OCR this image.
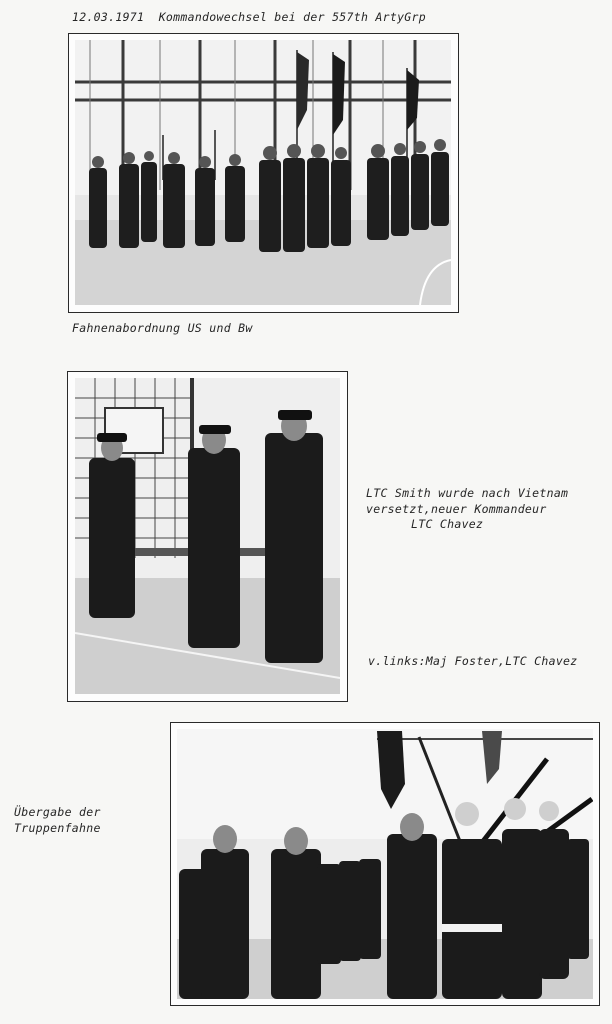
12.03.1971 Kommandowechsel bei der 557th ArtyGrp
Fahnenabordnung US und Bw
LTC Smith wurde nach Vietnam
versetzt,neuer Kommandeur
LTC Chavez
v.links:Maj Foster,LTC Chavez
Übergabe der
Truppenfahne
